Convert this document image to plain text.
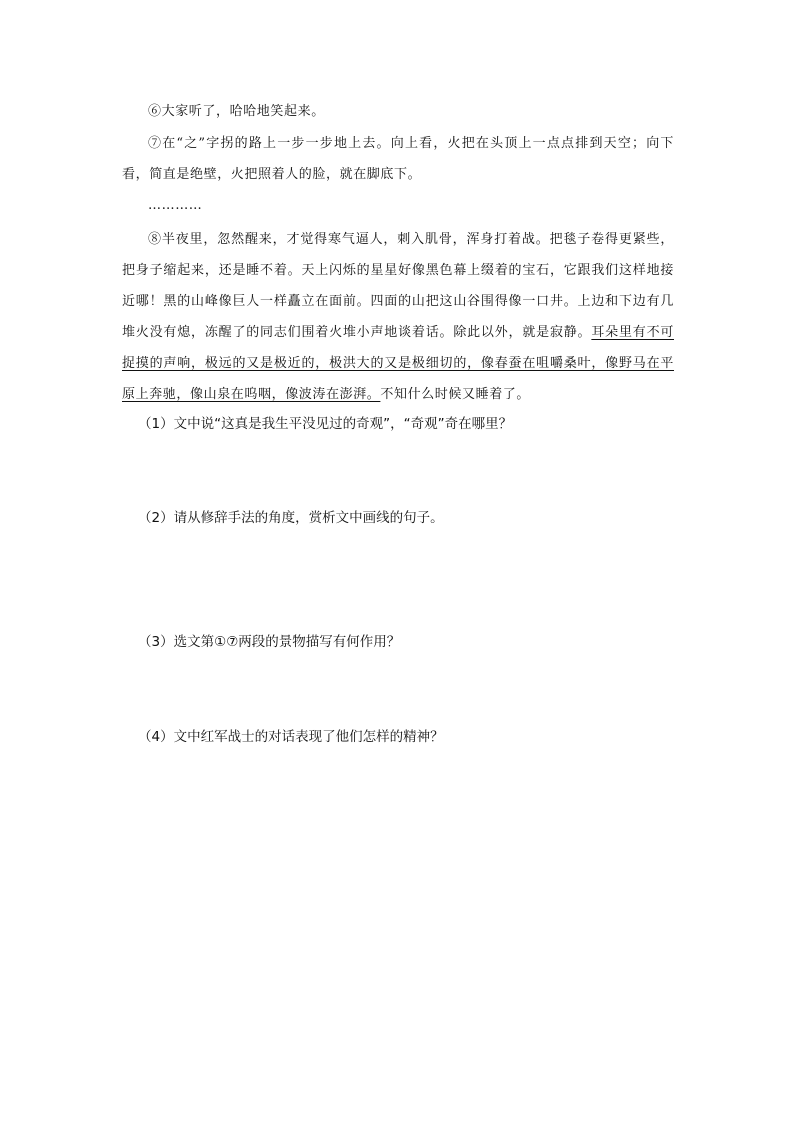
⑥大家听了，哈哈地笑起来。

⑦在“之”字拐的路上一步一步地上去。向上看，火把在头顶上一点点排到天空；向下看，简直是绝壁，火把照着人的脸，就在脚底下。

…………

⑧半夜里，忽然醒来，才觉得寒气逼人，刺入肌骨，浑身打着战。把毯子卷得更紧些，把身子缩起来，还是睡不着。天上闪烁的星星好像黑色幕上缀着的宝石，它跟我们这样地接近哪！黑的山峰像巨人一样矗立在面前。四面的山把这山谷围得像一口井。上边和下边有几堆火没有熄，冻醒了的同志们围着火堆小声地谈着话。除此以外，就是寂静。耳朵里有不可捉摸的声响，极远的又是极近的，极洪大的又是极细切的，像春蚕在咀嚼桑叶，像野马在平原上奔驰，像山泉在呜咽，像波涛在澎湃。不知什么时候又睡着了。

（1）文中说“这真是我生平没见过的奇观”，“奇观”奇在哪里？

（2）请从修辞手法的角度，赏析文中画线的句子。

（3）选文第①⑦两段的景物描写有何作用？

（4）文中红军战士的对话表现了他们怎样的精神？
